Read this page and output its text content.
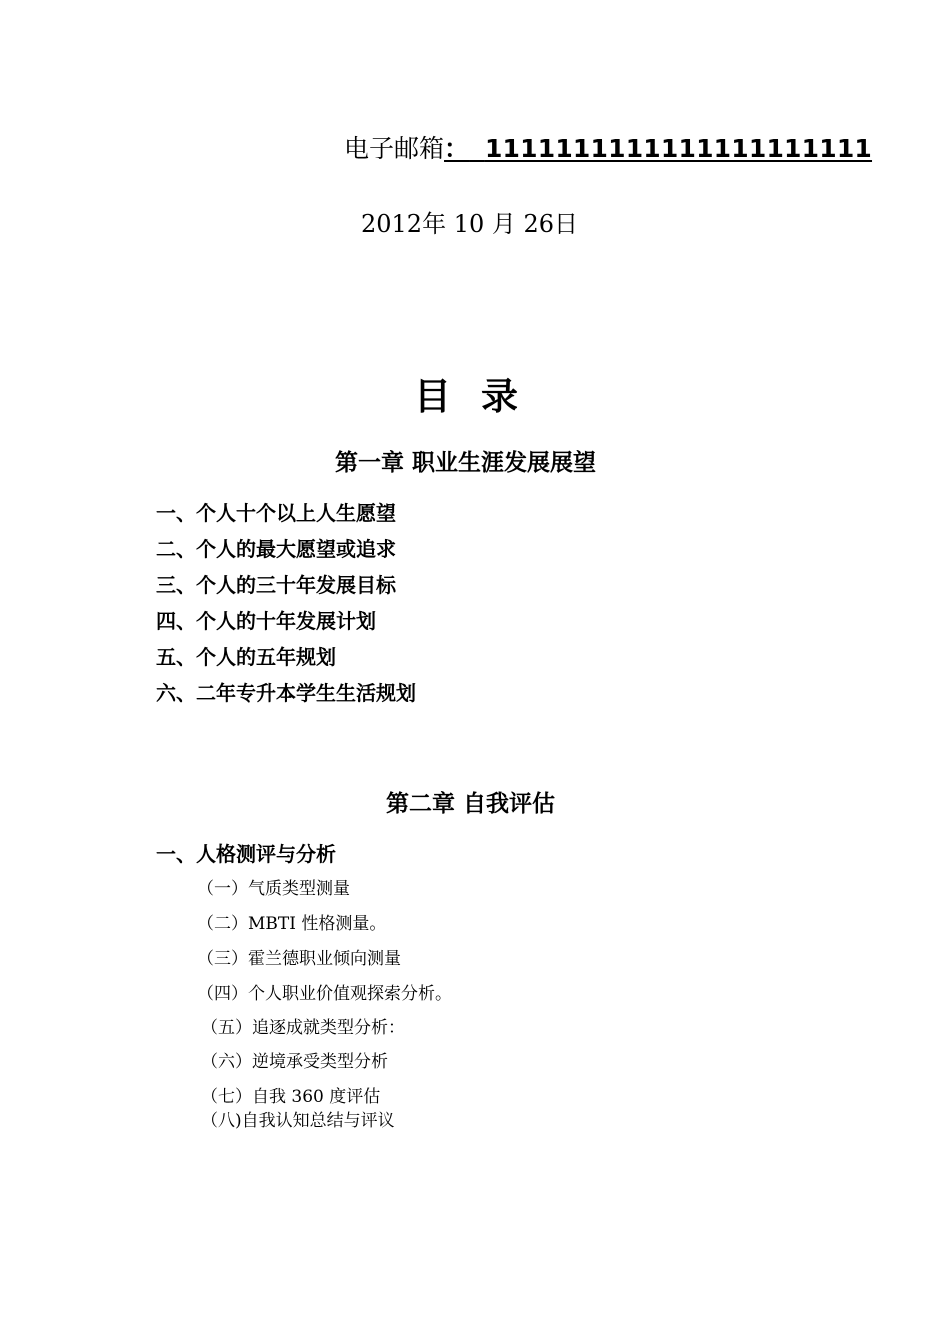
电子邮箱： 1111111111111111111111
2012年 10 月 26日
目录
第一章 职业生涯发展展望
一、个人十个以上人生愿望
二、个人的最大愿望或追求
三、个人的三十年发展目标
四、个人的十年发展计划
五、个人的五年规划
六、二年专升本学生生活规划
第二章 自我评估
一、人格测评与分析
（一）气质类型测量
（二）MBTI 性格测量。
（三）霍兰德职业倾向测量
（四）个人职业价值观探索分析。
（五）追逐成就类型分析：
（六）逆境承受类型分析
（七）自我 360 度评估
（八)自我认知总结与评议
